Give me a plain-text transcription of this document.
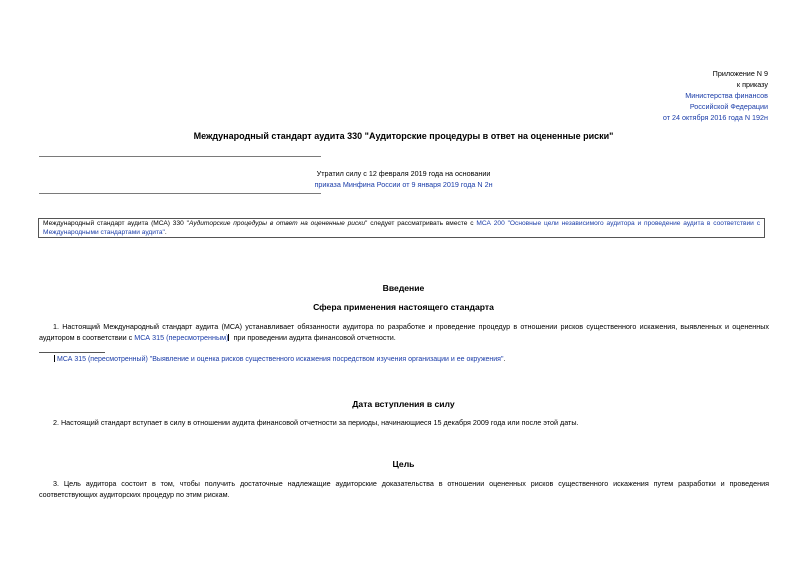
Приложение N 9
к приказу
Министерства финансов
Российской Федерации
от 24 октября 2016 года N 192н
Международный стандарт аудита 330 "Аудиторские процедуры в ответ на оцененные риски"
Утратил силу с 12 февраля 2019 года на основании
приказа Минфина России от 9 января 2019 года N 2н
Международный стандарт аудита (МСА) 330 "Аудиторские процедуры в ответ на оцененные риски" следует рассматривать вместе с МСА 200 "Основные цели независимого аудитора и проведение аудита в соответствии с Международными стандартами аудита".
Введение
Сфера применения настоящего стандарта
1. Настоящий Международный стандарт аудита (МСА) устанавливает обязанности аудитора по разработке и проведение процедур в отношении рисков существенного искажения, выявленных и оцененных аудитором в соответствии с МСА 315 (пересмотренным) при проведении аудита финансовой отчетности.
МСА 315 (пересмотренный) "Выявление и оценка рисков существенного искажения посредством изучения организации и ее окружения".
Дата вступления в силу
2. Настоящий стандарт вступает в силу в отношении аудита финансовой отчетности за периоды, начинающиеся 15 декабря 2009 года или после этой даты.
Цель
3. Цель аудитора состоит в том, чтобы получить достаточные надлежащие аудиторские доказательства в отношении оцененных рисков существенного искажения путем разработки и проведения соответствующих аудиторских процедур по этим рискам.
